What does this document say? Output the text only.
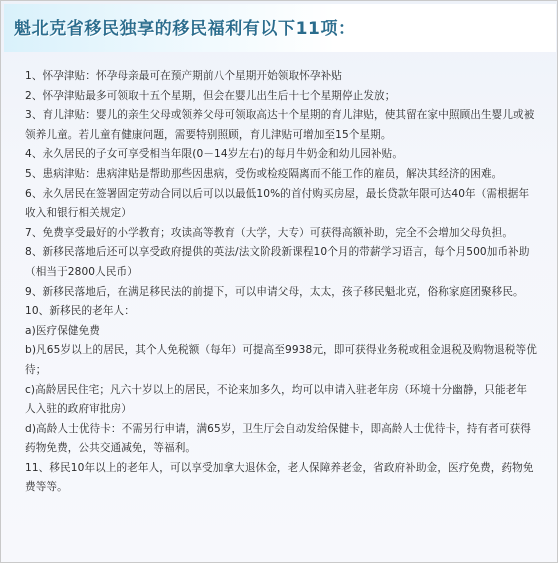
魁北克省移民独享的移民福利有以下11项：

1、怀孕津贴：怀孕母亲最可在预产期前八个星期开始领取怀孕补贴

2、怀孕津贴最多可领取十五个星期，但会在婴儿出生后十七个星期停止发放；

3、育儿津贴：婴儿的亲生父母或领养父母可领取高达十个星期的育儿津贴，使其留在家中照顾出生婴儿或被领养儿童。若儿童有健康问题，需要特别照顾，育儿津贴可增加至15个星期。

4、永久居民的子女可享受相当年限(0－14岁左右)的每月牛奶金和幼儿园补贴。

5、患病津贴：患病津贴是帮助那些因患病，受伤或检疫隔离而不能工作的雇员，解决其经济的困难。

6、永久居民在签署固定劳动合同以后可以以最低10%的首付购买房屋，最长贷款年限可达40年（需根据年收入和银行相关规定）

7、免费享受最好的小学教育；攻读高等教育（大学，大专）可获得高额补助，完全不会增加父母负担。

8、新移民落地后还可以享受政府提供的英法/法文阶段新课程10个月的带薪学习语言，每个月500加币补助（相当于2800人民币）

9、新移民落地后，在满足移民法的前提下，可以申请父母，太太，孩子移民魁北克，俗称家庭团聚移民。

10、新移民的老年人：

a)医疗保健免费

b)凡65岁以上的居民，其个人免税额（每年）可提高至9938元，即可获得业务税或租金退税及购物退税等优待；

c)高龄居民住宅；凡六十岁以上的居民，不论来加多久，均可以申请入驻老年房（环境十分幽静，只能老年人入驻的政府审批房）

d)高龄人士优待卡：不需另行申请，满65岁，卫生厅会自动发给保健卡，即高龄人士优待卡，持有者可获得药物免费，公共交通减免，等福利。

11、移民10年以上的老年人，可以享受加拿大退休金，老人保障养老金，省政府补助金，医疗免费，药物免费等等。
